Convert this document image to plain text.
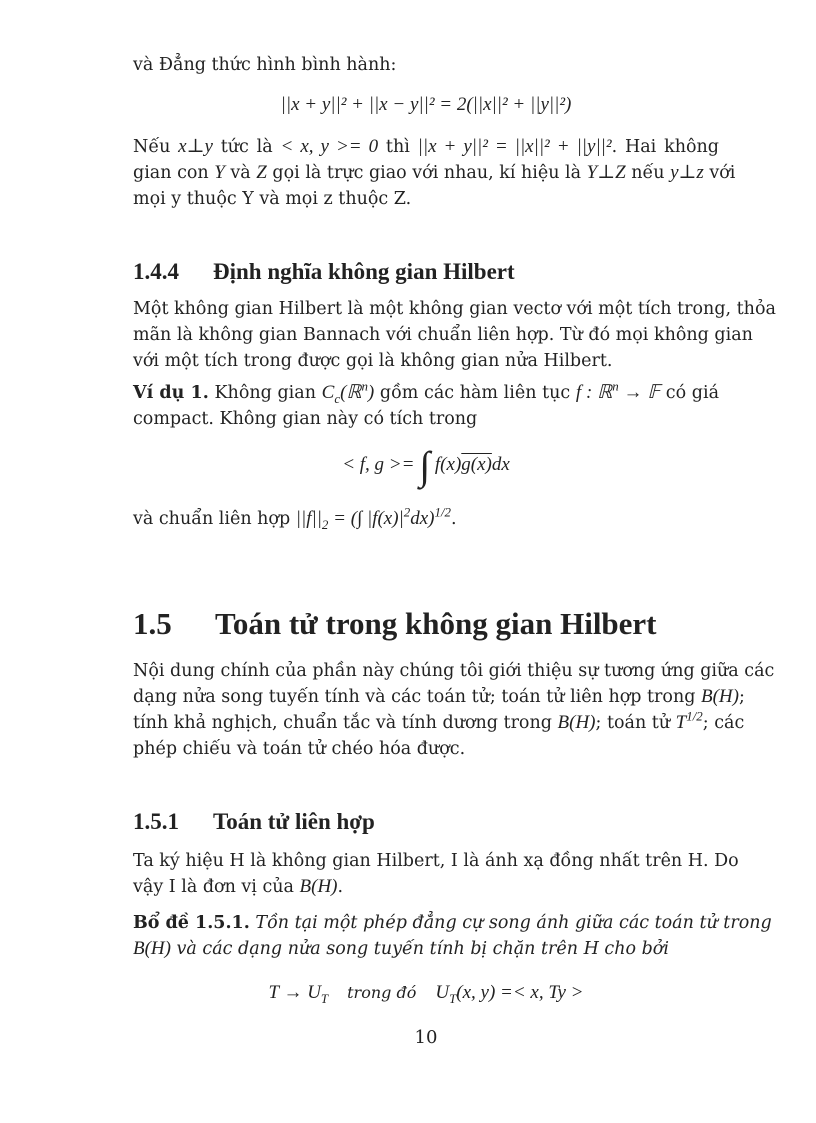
và Đẳng thức hình bình hành:
||x + y||² + ||x − y||² = 2(||x||² + ||y||²)
Nếu x⊥y tức là < x, y >= 0 thì ||x + y||² = ||x||² + ||y||². Hai không
gian con Y và Z gọi là trực giao với nhau, kí hiệu là Y⊥Z nếu y⊥z với
mọi y thuộc Y và mọi z thuộc Z.
1.4.4 Định nghĩa không gian Hilbert
Một không gian Hilbert là một không gian vectơ với một tích trong, thỏa
mãn là không gian Bannach với chuẩn liên hợp. Từ đó mọi không gian
với một tích trong được gọi là không gian nửa Hilbert.
Ví dụ 1. Không gian $C_c(ℝ^n)$ gồm các hàm liên tục f : ℝ$^n$ → 𝔽 có giá
compact. Không gian này có tích trong
< f, g >= ∫ f(x)g(x)dx
và chuẩn liên hợp $||f||_2$ = (∫ $|f(x)|^2dx)^{1/2}$.
1.5 Toán tử trong không gian Hilbert
Nội dung chính của phần này chúng tôi giới thiệu sự tương ứng giữa các
dạng nửa song tuyến tính và các toán tử; toán tử liên hợp trong B(H);
tính khả nghịch, chuẩn tắc và tính dương trong B(H); toán tử $T^{1/2}$; các
phép chiếu và toán tử chéo hóa được.
1.5.1 Toán tử liên hợp
Ta ký hiệu H là không gian Hilbert, I là ánh xạ đồng nhất trên H. Do
vậy I là đơn vị của B(H).
Bổ đề 1.5.1. Tồn tại một phép đẳng cự song ánh giữa các toán tử trong
B(H) và các dạng nửa song tuyến tính bị chặn trên H cho bởi
$T \to U_T$ trong đó $U_T(x$, y) =< x, Ty >
10
